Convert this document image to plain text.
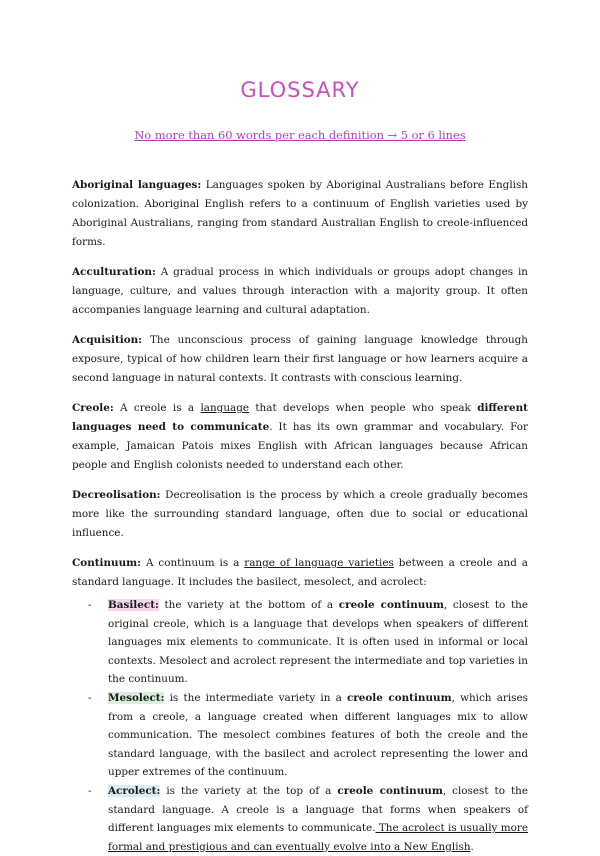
GLOSSARY
No more than 60 words per each definition → 5 or 6 lines

Aboriginal languages: Languages spoken by Aboriginal Australians before English colonization. Aboriginal English refers to a continuum of English varieties used by Aboriginal Australians, ranging from standard Australian English to creole-influenced forms.

Acculturation: A gradual process in which individuals or groups adopt changes in language, culture, and values through interaction with a majority group. It often accompanies language learning and cultural adaptation.

Acquisition: The unconscious process of gaining language knowledge through exposure, typical of how children learn their first language or how learners acquire a second language in natural contexts. It contrasts with conscious learning.

Creole: A creole is a language that develops when people who speak different languages need to communicate. It has its own grammar and vocabulary. For example, Jamaican Patois mixes English with African languages because African people and English colonists needed to understand each other.

Decreolisation: Decreolisation is the process by which a creole gradually becomes more like the surrounding standard language, often due to social or educational influence.

Continuum: A continuum is a range of language varieties between a creole and a standard language. It includes the basilect, mesolect, and acrolect:

- Basilect: the variety at the bottom of a creole continuum, closest to the original creole, which is a language that develops when speakers of different languages mix elements to communicate. It is often used in informal or local contexts. Mesolect and acrolect represent the intermediate and top varieties in the continuum.
- Mesolect: is the intermediate variety in a creole continuum, which arises from a creole, a language created when different languages mix to allow communication. The mesolect combines features of both the creole and the standard language, with the basilect and acrolect representing the lower and upper extremes of the continuum.
- Acrolect: is the variety at the top of a creole continuum, closest to the standard language. A creole is a language that forms when speakers of different languages mix elements to communicate. The acrolect is usually more formal and prestigious and can eventually evolve into a New English.
